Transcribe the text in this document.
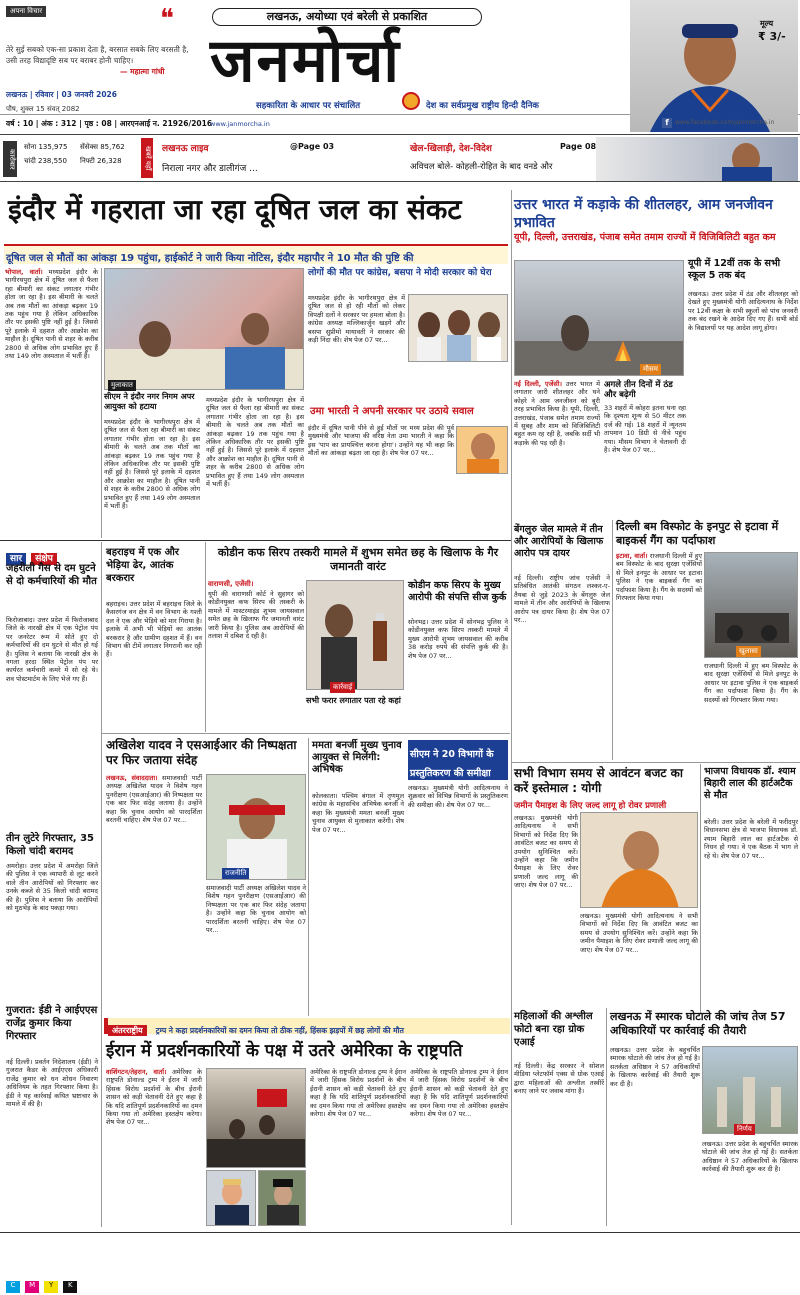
अपना विचार	❝
तेरे सुई सबको एक-सा प्रकाश देता है, बरसात सबके लिए बरसती है, उसी तरह विद्यादृष्टि सब पर बराबर होनी चाहिए।
— महात्मा गांधी
लखनऊ | रविवार | 03 जनवरी 2026
पौष, शुक्ल 15 संवत् 2082
वर्ष : 10 | अंक : 312 | पृष्ठ : 08 | आरएनआई न. 21926/2016
www.janmorcha.in
लखनऊ, अयोध्या एवं बरेली से प्रकाशित
जनमोर्चा
सहकारिता के आधार पर संचालित	देश का सर्वप्रमुख राष्ट्रीय हिन्दी दैनिक
मूल्य
₹ 3/-
f	www.facebook.com/janmorcha.in
कारोबार
सोना 135,975
चांदी 238,550
सेंसेक्स 85,762
निफ्टी 26,328	खबरें यहाँ लखनऊ लाइव	@Page 03
निराला नगर और डालीगंज ...
खेल-खिलाड़ी, देश-विदेश	Page 08
अविचल बोले- कोहली-रोहित के बाद वनडे और
इंदौर में गहराता जा रहा दूषित जल का संकट
दूषित जल से मौतों का आंकड़ा 19 पहुंचा, हाईकोर्ट ने जारी किया नोटिस, इंदौर महापौर ने 10 मौत की पुष्टि की
भोपाल, वार्ता। मध्यप्रदेश इंदौर के भागीरथपुरा क्षेत्र में दूषित जल से फैला रहा बीमारी का संकट लगातार गंभीर होता जा रहा है। इस बीमारी के चलते अब तक मौतों का आंकड़ा बढ़कर 19 तक पहुंच गया है लेकिन अधिकारिक तौर पर इसकी पुष्टि नहीं हुई है। जिससे पूरे इलाके में दहशत और आक्रोश का माहौल है। दूषित पानी से शहर के करीब 2800 से अधिक लोग प्रभावित हुए हैं तथा 149 लोग अस्पताल में भर्ती हैं।
मुलाकात
सीएम ने इंदौर नगर निगम अपर आयुक्त को हटाया
मध्यप्रदेश इंदौर के भागीरथपुरा क्षेत्र में दूषित जल से फैला रहा बीमारी का संकट लगातार गंभीर होता जा रहा है। इस बीमारी के चलते अब तक मौतों का आंकड़ा बढ़कर 19 तक पहुंच गया है लेकिन अधिकारिक तौर पर इसकी पुष्टि नहीं हुई है। जिससे पूरे इलाके में दहशत और आक्रोश का माहौल है। दूषित पानी से शहर के करीब 2800 से अधिक लोग प्रभावित हुए हैं तथा 149 लोग अस्पताल में भर्ती हैं।
मध्यप्रदेश इंदौर के भागीरथपुरा क्षेत्र में दूषित जल से फैला रहा बीमारी का संकट लगातार गंभीर होता जा रहा है। इस बीमारी के चलते अब तक मौतों का आंकड़ा बढ़कर 19 तक पहुंच गया है लेकिन अधिकारिक तौर पर इसकी पुष्टि नहीं हुई है। जिससे पूरे इलाके में दहशत और आक्रोश का माहौल है। दूषित पानी से शहर के करीब 2800 से अधिक लोग प्रभावित हुए हैं तथा 149 लोग अस्पताल में भर्ती हैं।
लोगों की मौत पर कांग्रेस, बसपा ने मोदी सरकार को घेरा
मध्यप्रदेश इंदौर के भागीरथपुरा क्षेत्र में दूषित जल से हो रही मौतों को लेकर विपक्षी दलों ने सरकार पर हमला बोला है। कांग्रेस अध्यक्ष मल्लिकार्जुन खड़गे और बसपा सुप्रीमो मायावती ने सरकार की कड़ी निंदा की। शेष पेज 07 पर...
उमा भारती ने अपनी सरकार पर उठाये सवाल
इंदौर में दूषित पानी पीने से हुई मौतों पर मध्य प्रदेश की पूर्व मुख्यमंत्री और भाजपा की वरिष्ठ नेता उमा भारती ने कहा कि इस 'पाप का प्रायश्चित्त करना होगा'। उन्होंने यह भी कहा कि मौतों का आंकड़ा बढ़ता जा रहा है। शेष पेज 07 पर...
उत्तर भारत में कड़ाके की शीतलहर, आम जनजीवन प्रभावित
यूपी, दिल्ली, उत्तराखंड, पंजाब समेत तमाम राज्यों में विजिबिलिटी बहुत कम
मौसम
यूपी में 12वीं तक के सभी स्कूल 5 तक बंद
लखनऊ। उत्तर प्रदेश में ठंड और शीतलहर को देखते हुए मुख्यमंत्री योगी आदित्यनाथ के निर्देश पर 12वीं कक्षा के सभी स्कूलों को पांच जनवरी तक बंद रखने के आदेश दिए गए हैं। सभी बोर्ड के विद्यालयों पर यह आदेश लागू होगा।
नई दिल्ली, एजेंसी। उत्तर भारत में लगातार जारी शीतलहर और घने कोहरे ने आम जनजीवन को बुरी तरह प्रभावित किया है। यूपी, दिल्ली, उत्तराखंड, पंजाब समेत तमाम राज्यों में सुबह और शाम को विजिबिलिटी बहुत कम रह रही है, जबकि सर्दी भी कड़ाके की पड़ रही है।
अगले तीन दिनों में ठंड और बढ़ेगी
33 शहरों में कोहरा इतना घना रहा कि दृश्यता शून्य से 50 मीटर तक दर्ज की गई। 18 शहरों में न्यूनतम तापमान 10 डिग्री से नीचे पहुंच गया। मौसम विभाग ने चेतावनी दी है। शेष पेज 07 पर...
सार संक्षेप
जहरीली गैस से दम घुटने से दो कर्मचारियों की मौत
फिरोजाबाद। उत्तर प्रदेश में फिरोजाबाद जिले के नारखी क्षेत्र में एक पेट्रोल पंप पर जनरेटर रूम में सोते हुए दो कर्मचारियों की दम घुटने से मौत हो गई है। पुलिस ने बताया कि नारखी क्षेत्र के नगला हरदा स्थित पेट्रोल पंप पर कार्यरत कर्मचारी कमरे में सो रहे थे। शव पोस्टमार्टम के लिए भेजे गए हैं।
तीन लुटेरे गिरफ्तार, 35 किलो चांदी बरामद
अमरोहा। उत्तर प्रदेश में अमरोहा जिले की पुलिस ने एक व्यापारी से लूट करने वाले तीन आरोपियों को गिरफ्तार कर उनके कब्जे से 35 किलो चांदी बरामद की है। पुलिस ने बताया कि आरोपियों को मुठभेड़ के बाद पकड़ा गया।
गुजरात: ईडी ने आईएएस राजेंद्र कुमार किया गिरफ्तार
नई दिल्ली। प्रवर्तन निदेशालय (ईडी) ने गुजरात कैडर के आईएएस अधिकारी राजेंद्र कुमार को धन शोधन निवारण अधिनियम के तहत गिरफ्तार किया है। ईडी ने यह कार्रवाई कथित भ्रष्टाचार के मामले में की है।
बहराइच में एक और भेड़िया ढेर, आतंक बरकरार
बहराइच। उत्तर प्रदेश में बहराइच जिले के कैसरगंज वन क्षेत्र में वन विभाग के गश्ती दल ने एक और भेड़िये को मार गिराया है। इलाके में अभी भी भेड़ियों का आतंक बरकरार है और ग्रामीण दहशत में हैं। वन विभाग की टीमें लगातार निगरानी कर रही हैं।
कोडीन कफ सिरप तस्करी मामले में शुभम समेत छह के खिलाफ के गैर जमानती वारंट
वाराणसी, एजेंसी।
यूपी की वाराणसी कोर्ट ने सुहागर को कोडीनयुक्त कफ सिरप की तस्करी के मामले में मास्टरमाइंड शुभम जायसवाल समेत छह के खिलाफ गैर जमानती वारंट जारी किया है। पुलिस अब आरोपियों की तलाश में दबिश दे रही है।
कार्रवाई
सभी फरार लगातार पता रहे कहां
कोडीन कफ सिरप के मुख्य आरोपी की संपत्ति सीज कुर्क
सोनभद्र। उत्तर प्रदेश में सोनभद्र पुलिस ने कोडीनयुक्त कफ सिरप तस्करी मामले में मुख्य आरोपी शुभम जायसवाल की करीब 38 करोड़ रुपये की संपत्ति कुर्क की है। शेष पेज 07 पर...
अखिलेश यादव ने एसआईआर की निष्पक्षता पर फिर जताया संदेह
लखनऊ, संवाददाता। समाजवादी पार्टी अध्यक्ष अखिलेश यादव ने विशेष गहन पुनरीक्षण (एसआईआर) की निष्पक्षता पर एक बार फिर संदेह जताया है। उन्होंने कहा कि चुनाव आयोग को पारदर्शिता बरतनी चाहिए। शेष पेज 07 पर...
राजनीति
समाजवादी पार्टी अध्यक्ष अखिलेश यादव ने विशेष गहन पुनरीक्षण (एसआईआर) की निष्पक्षता पर एक बार फिर संदेह जताया है। उन्होंने कहा कि चुनाव आयोग को पारदर्शिता बरतनी चाहिए। शेष पेज 07 पर...
ममता बनर्जी मुख्य चुनाव आयुक्त से मिलेंगी: अभिषेक
कोलकाता। पश्चिम बंगाल में तृणमूल कांग्रेस के महासचिव अभिषेक बनर्जी ने कहा कि मुख्यमंत्री ममता बनर्जी मुख्य चुनाव आयुक्त से मुलाकात करेंगी। शेष पेज 07 पर...
सीएम ने 20 विभागों के प्रस्तुतिकरण की समीक्षा
लखनऊ। मुख्यमंत्री योगी आदित्यनाथ ने शुक्रवार को विभिन्न विभागों के प्रस्तुतिकरण की समीक्षा की। शेष पेज 07 पर...
बेंगलुरु जेल मामले में तीन और आरोपियों के खिलाफ आरोप पत्र दायर
नई दिल्ली। राष्ट्रीय जांच एजेंसी ने प्रतिबंधित आतंकी संगठन लश्कर-ए-तैयबा से जुड़े 2023 के बेंगलुरु जेल मामले में तीन और आरोपियों के खिलाफ आरोप पत्र दायर किया है। शेष पेज 07 पर...
दिल्ली बम विस्फोट के इनपुट से इटावा में बाइकर्स गैंग का पर्दाफाश
इटावा, वार्ता। राजधानी दिल्ली में हुए बम विस्फोट के बाद सुरक्षा एजेंसियों से मिले इनपुट के आधार पर इटावा पुलिस ने एक बाइकर्स गैंग का पर्दाफाश किया है। गैंग के सदस्यों को गिरफ्तार किया गया।
खुलासा
राजधानी दिल्ली में हुए बम विस्फोट के बाद सुरक्षा एजेंसियों से मिले इनपुट के आधार पर इटावा पुलिस ने एक बाइकर्स गैंग का पर्दाफाश किया है। गैंग के सदस्यों को गिरफ्तार किया गया।
सभी विभाग समय से आवंटन बजट का करें इस्तेमाल : योगी
जमीन पैमाइश के लिए जल्द लागू हो रोवर प्रणाली
लखनऊ। मुख्यमंत्री योगी आदित्यनाथ ने सभी विभागों को निर्देश दिए कि आवंटित बजट का समय से उपयोग सुनिश्चित करें। उन्होंने कहा कि जमीन पैमाइश के लिए रोवर प्रणाली जल्द लागू की जाए। शेष पेज 07 पर...
लखनऊ। मुख्यमंत्री योगी आदित्यनाथ ने सभी विभागों को निर्देश दिए कि आवंटित बजट का समय से उपयोग सुनिश्चित करें। उन्होंने कहा कि जमीन पैमाइश के लिए रोवर प्रणाली जल्द लागू की जाए। शेष पेज 07 पर...
भाजपा विधायक डॉ. श्याम बिहारी लाल की हार्टअटैक से मौत
बरेली। उत्तर प्रदेश के बरेली में फरीदपुर विधानसभा क्षेत्र से भाजपा विधायक डॉ. श्याम बिहारी लाल का हार्टअटैक से निधन हो गया। वे एक बैठक में भाग ले रहे थे। शेष पेज 07 पर...
महिलाओं की अश्लील फोटो बना रहा ग्रोक एआई
नई दिल्ली। केंद्र सरकार ने सोशल मीडिया प्लेटफॉर्म एक्स से ग्रोक एआई द्वारा महिलाओं की अश्लील तस्वीरें बनाए जाने पर जवाब मांगा है।
लखनऊ में स्मारक घोटाले की जांच तेज 57 अधिकारियों पर कार्रवाई की तैयारी
लखनऊ। उत्तर प्रदेश के बहुचर्चित स्मारक घोटाले की जांच तेज हो गई है। सतर्कता अधिष्ठान ने 57 अधिकारियों के खिलाफ कार्रवाई की तैयारी शुरू कर दी है।
निर्णय
लखनऊ। उत्तर प्रदेश के बहुचर्चित स्मारक घोटाले की जांच तेज हो गई है। सतर्कता अधिष्ठान ने 57 अधिकारियों के खिलाफ कार्रवाई की तैयारी शुरू कर दी है।
अंतरराष्ट्रीय ट्रम्प ने कहा प्रदर्शनकारियों का दमन किया तो ठीक नहीं, हिंसक झड़पों में छह लोगों की मौत
ईरान में प्रदर्शनकारियों के पक्ष में उतरे अमेरिका के राष्ट्रपति
वाशिंगटन/तेहरान, वार्ता। अमेरिका के राष्ट्रपति डोनाल्ड ट्रम्प ने ईरान में जारी हिंसक विरोध प्रदर्शनों के बीच ईरानी शासन को कड़ी चेतावनी देते हुए कहा है कि यदि शांतिपूर्ण प्रदर्शनकारियों का दमन किया गया तो अमेरिका हस्तक्षेप करेगा। शेष पेज 07 पर...
अमेरिका के राष्ट्रपति डोनाल्ड ट्रम्प ने ईरान में जारी हिंसक विरोध प्रदर्शनों के बीच ईरानी शासन को कड़ी चेतावनी देते हुए कहा है कि यदि शांतिपूर्ण प्रदर्शनकारियों का दमन किया गया तो अमेरिका हस्तक्षेप करेगा। शेष पेज 07 पर...
अमेरिका के राष्ट्रपति डोनाल्ड ट्रम्प ने ईरान में जारी हिंसक विरोध प्रदर्शनों के बीच ईरानी शासन को कड़ी चेतावनी देते हुए कहा है कि यदि शांतिपूर्ण प्रदर्शनकारियों का दमन किया गया तो अमेरिका हस्तक्षेप करेगा। शेष पेज 07 पर...
C M Y K
